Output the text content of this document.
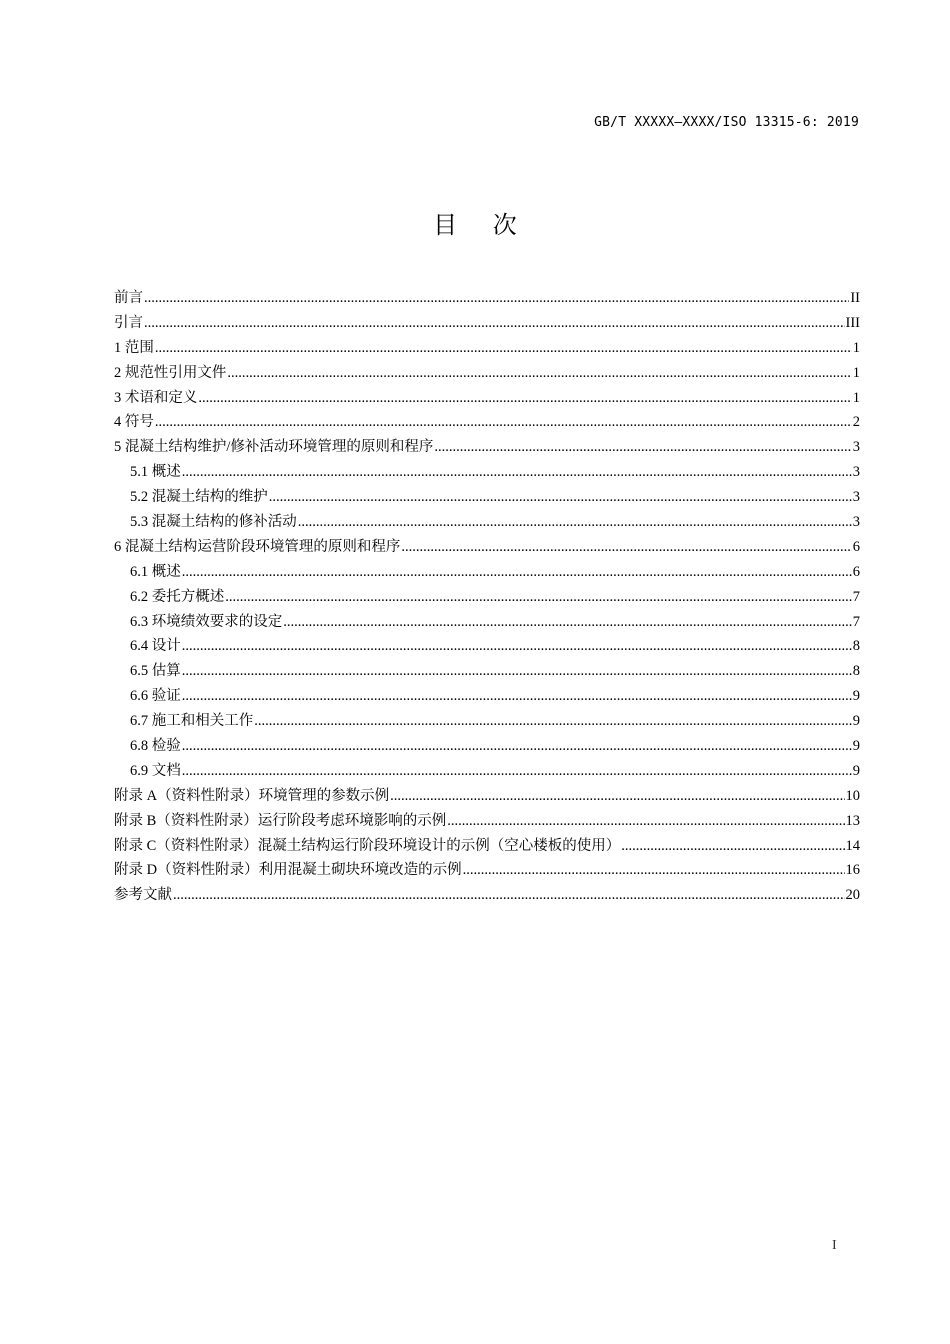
GB/T XXXXX—XXXX/ISO 13315-6: 2019
目 次
前言 .....	II
引言 .....	III
1 范围 .....	1
2 规范性引用文件 .....	1
3 术语和定义 .....	1
4 符号 .....	2
5 混凝土结构维护/修补活动环境管理的原则和程序 .....	3
5.1 概述 .....	3
5.2 混凝土结构的维护 .....	3
5.3 混凝土结构的修补活动 .....	3
6 混凝土结构运营阶段环境管理的原则和程序 .....	6
6.1 概述 .....	6
6.2 委托方概述 .....	7
6.3 环境绩效要求的设定 .....	7
6.4 设计 .....	8
6.5 估算 .....	8
6.6 验证 .....	9
6.7 施工和相关工作 .....	9
6.8 检验 .....	9
6.9 文档 .....	9
附录 A（资料性附录）环境管理的参数示例 .....	10
附录 B（资料性附录）运行阶段考虑环境影响的示例 .....	13
附录 C（资料性附录）混凝土结构运行阶段环境设计的示例（空心楼板的使用） .....	14
附录 D（资料性附录）利用混凝土砌块环境改造的示例 .....	16
参考文献 .....	20
I
